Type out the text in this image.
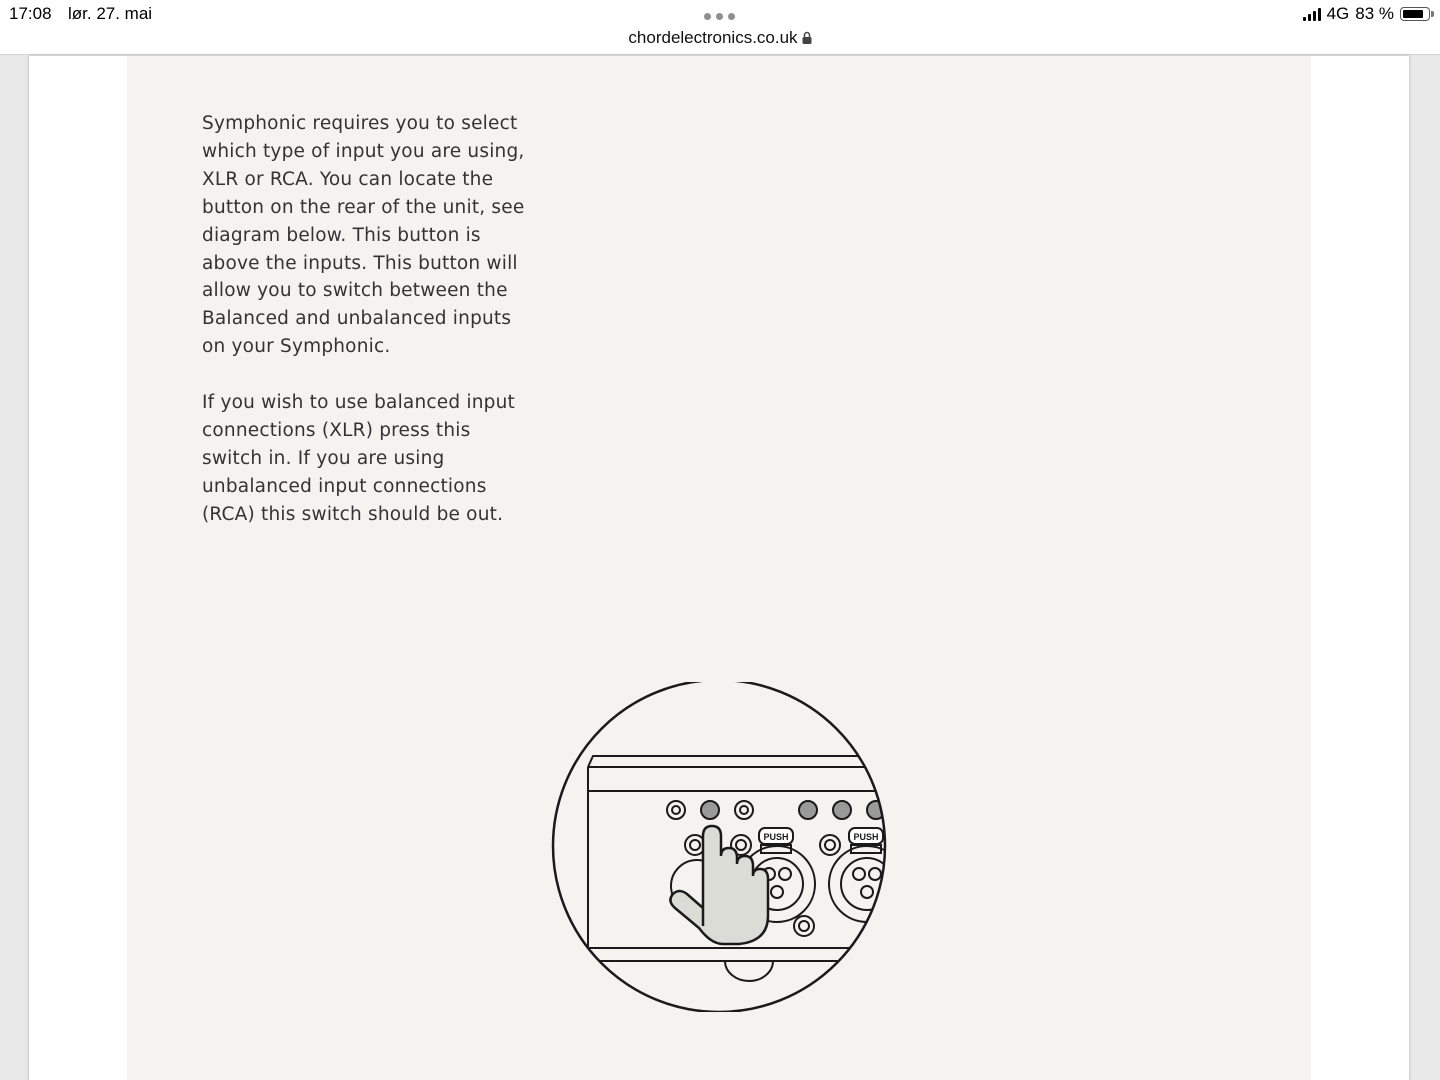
17:08 lør. 27. mai
chordelectronics.co.uk
4G 83 %

Symphonic requires you to select which type of input you are using, XLR or RCA. You can locate the button on the rear of the unit, see diagram below. This button is above the inputs. This button will allow you to switch between the Balanced and unbalanced inputs on your Symphonic.

If you wish to use balanced input connections (XLR) press this switch in. If you are using unbalanced input connections (RCA) this switch should be out.

PUSH	PUSH
